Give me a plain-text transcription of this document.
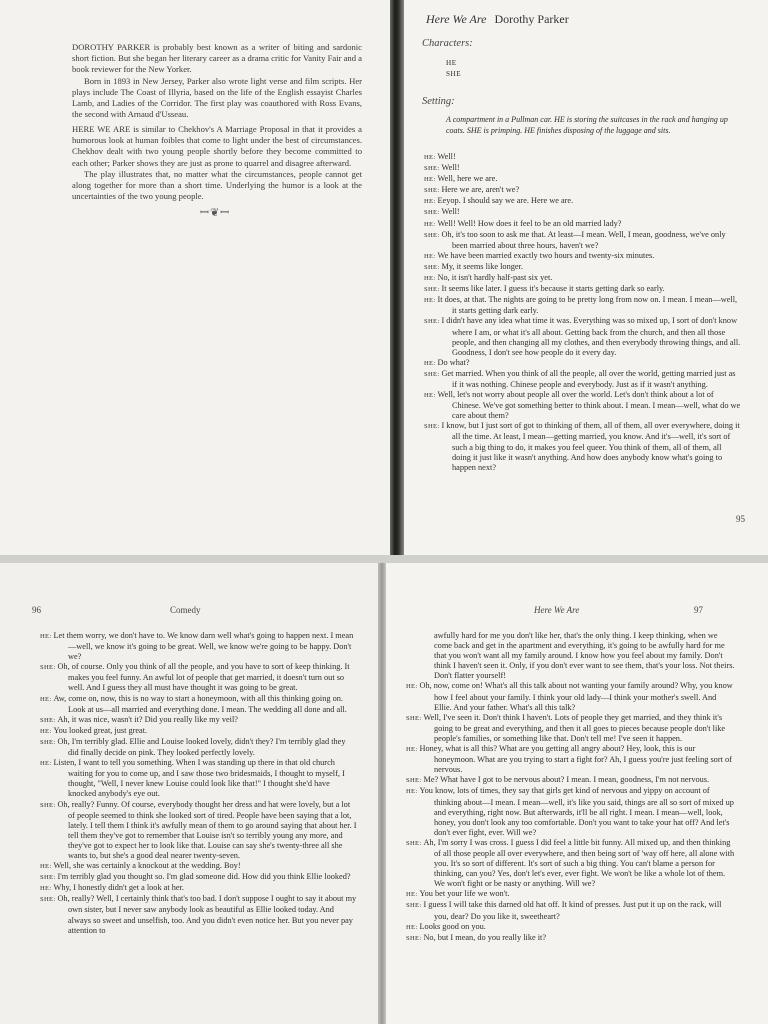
DOROTHY PARKER is probably best known as a writer of biting and sardonic short fiction. But she began her literary career as a drama critic for Vanity Fair and a book reviewer for the New Yorker.

Born in 1893 in New Jersey, Parker also wrote light verse and film scripts. Her plays include The Coast of Illyria, based on the life of the English essayist Charles Lamb, and Ladies of the Corridor. The first play was coauthored with Ross Evans, the second with Arnaud d'Usseau.

HERE WE ARE is similar to Chekhov's A Marriage Proposal in that it provides a humorous look at human foibles that come to light under the best of circumstances. Chekhov dealt with two young people shortly before they become committed to each other; Parker shows they are just as prone to quarrel and disagree afterward.

The play illustrates that, no matter what the circumstances, people cannot get along together for more than a short time. Underlying the humor is a look at the uncertainties of the two young people.

ꟷ❦ꟷ
Here We Are Dorothy Parker
Characters:
HE
SHE
Setting:
A compartment in a Pullman car. HE is storing the suitcases in the rack and hanging up coats. SHE is primping. HE finishes disposing of the luggage and sits.

HE: Well!

SHE: Well!

HE: Well, here we are.

SHE: Here we are, aren't we?

HE: Eeyop. I should say we are. Here we are.

SHE: Well!

HE: Well! Well! How does it feel to be an old married lady?

SHE: Oh, it's too soon to ask me that. At least—I mean. Well, I mean, goodness, we've only been married about three hours, haven't we?

HE: We have been married exactly two hours and twenty-six minutes.

SHE: My, it seems like longer.

HE: No, it isn't hardly half-past six yet.

SHE: It seems like later. I guess it's because it starts getting dark so early.

HE: It does, at that. The nights are going to be pretty long from now on. I mean. I mean—well, it starts getting dark early.

SHE: I didn't have any idea what time it was. Everything was so mixed up, I sort of don't know where I am, or what it's all about. Getting back from the church, and then all those people, and then changing all my clothes, and then everybody throwing things, and all. Goodness, I don't see how people do it every day.

HE: Do what?

SHE: Get married. When you think of all the people, all over the world, getting married just as if it was nothing. Chinese people and everybody. Just as if it wasn't anything.

HE: Well, let's not worry about people all over the world. Let's don't think about a lot of Chinese. We've got something better to think about. I mean. I mean—well, what do we care about them?

SHE: I know, but I just sort of got to thinking of them, all of them, all over everywhere, doing it all the time. At least, I mean—getting married, you know. And it's—well, it's sort of such a big thing to do, it makes you feel queer. You think of them, all of them, all doing it just like it wasn't anything. And how does anybody know what's going to happen next?

95
96	Comedy

HE: Let them worry, we don't have to. We know darn well what's going to happen next. I mean—well, we know it's going to be great. Well, we know we're going to be happy. Don't we?

SHE: Oh, of course. Only you think of all the people, and you have to sort of keep thinking. It makes you feel funny. An awful lot of people that get married, it doesn't turn out so well. And I guess they all must have thought it was going to be great.

HE: Aw, come on, now, this is no way to start a honeymoon, with all this thinking going on. Look at us—all married and everything done. I mean. The wedding all done and all.

SHE: Ah, it was nice, wasn't it? Did you really like my veil?

HE: You looked great, just great.

SHE: Oh, I'm terribly glad. Ellie and Louise looked lovely, didn't they? I'm terribly glad they did finally decide on pink. They looked perfectly lovely.

HE: Listen, I want to tell you something. When I was standing up there in that old church waiting for you to come up, and I saw those two bridesmaids, I thought to myself, I thought, "Well, I never knew Louise could look like that!" I thought she'd have knocked anybody's eye out.

SHE: Oh, really? Funny. Of course, everybody thought her dress and hat were lovely, but a lot of people seemed to think she looked sort of tired. People have been saying that a lot, lately. I tell them I think it's awfully mean of them to go around saying that about her. I tell them they've got to remember that Louise isn't so terribly young any more, and they've got to expect her to look like that. Louise can say she's twenty-three all she wants to, but she's a good deal nearer twenty-seven.

HE: Well, she was certainly a knockout at the wedding. Boy!

SHE: I'm terribly glad you thought so. I'm glad someone did. How did you think Ellie looked?

HE: Why, I honestly didn't get a look at her.

SHE: Oh, really? Well, I certainly think that's too bad. I don't suppose I ought to say it about my own sister, but I never saw anybody look as beautiful as Ellie looked today. And always so sweet and unselfish, too. And you didn't even notice her. But you never pay attention to

Here We Are	97

awfully hard for me you don't like her, that's the only thing. I keep thinking, when we come back and get in the apartment and everything, it's going to be awfully hard for me that you won't want all my family around. I know how you feel about my family. Don't think I haven't seen it. Only, if you don't ever want to see them, that's your loss. Not theirs. Don't flatter yourself!

HE: Oh, now, come on! What's all this talk about not wanting your family around? Why, you know how I feel about your family. I think your old lady—I think your mother's swell. And Ellie. And your father. What's all this talk?

SHE: Well, I've seen it. Don't think I haven't. Lots of people they get married, and they think it's going to be great and everything, and then it all goes to pieces because people don't like people's families, or something like that. Don't tell me! I've seen it happen.

HE: Honey, what is all this? What are you getting all angry about? Hey, look, this is our honeymoon. What are you trying to start a fight for? Ah, I guess you're just feeling sort of nervous.

SHE: Me? What have I got to be nervous about? I mean. I mean, goodness, I'm not nervous.

HE: You know, lots of times, they say that girls get kind of nervous and yippy on account of thinking about—I mean. I mean—well, it's like you said, things are all so sort of mixed up and everything, right now. But afterwards, it'll be all right. I mean. I mean—well, look, honey, you don't look any too comfortable. Don't you want to take your hat off? And let's don't ever fight, ever. Will we?

SHE: Ah, I'm sorry I was cross. I guess I did feel a little bit funny. All mixed up, and then thinking of all those people all over everywhere, and then being sort of 'way off here, all alone with you. It's so sort of different. It's sort of such a big thing. You can't blame a person for thinking, can you? Yes, don't let's ever, ever fight. We won't be like a whole lot of them. We won't fight or be nasty or anything. Will we?

HE: You bet your life we won't.

SHE: I guess I will take this darned old hat off. It kind of presses. Just put it up on the rack, will you, dear? Do you like it, sweetheart?

HE: Looks good on you.

SHE: No, but I mean, do you really like it?
